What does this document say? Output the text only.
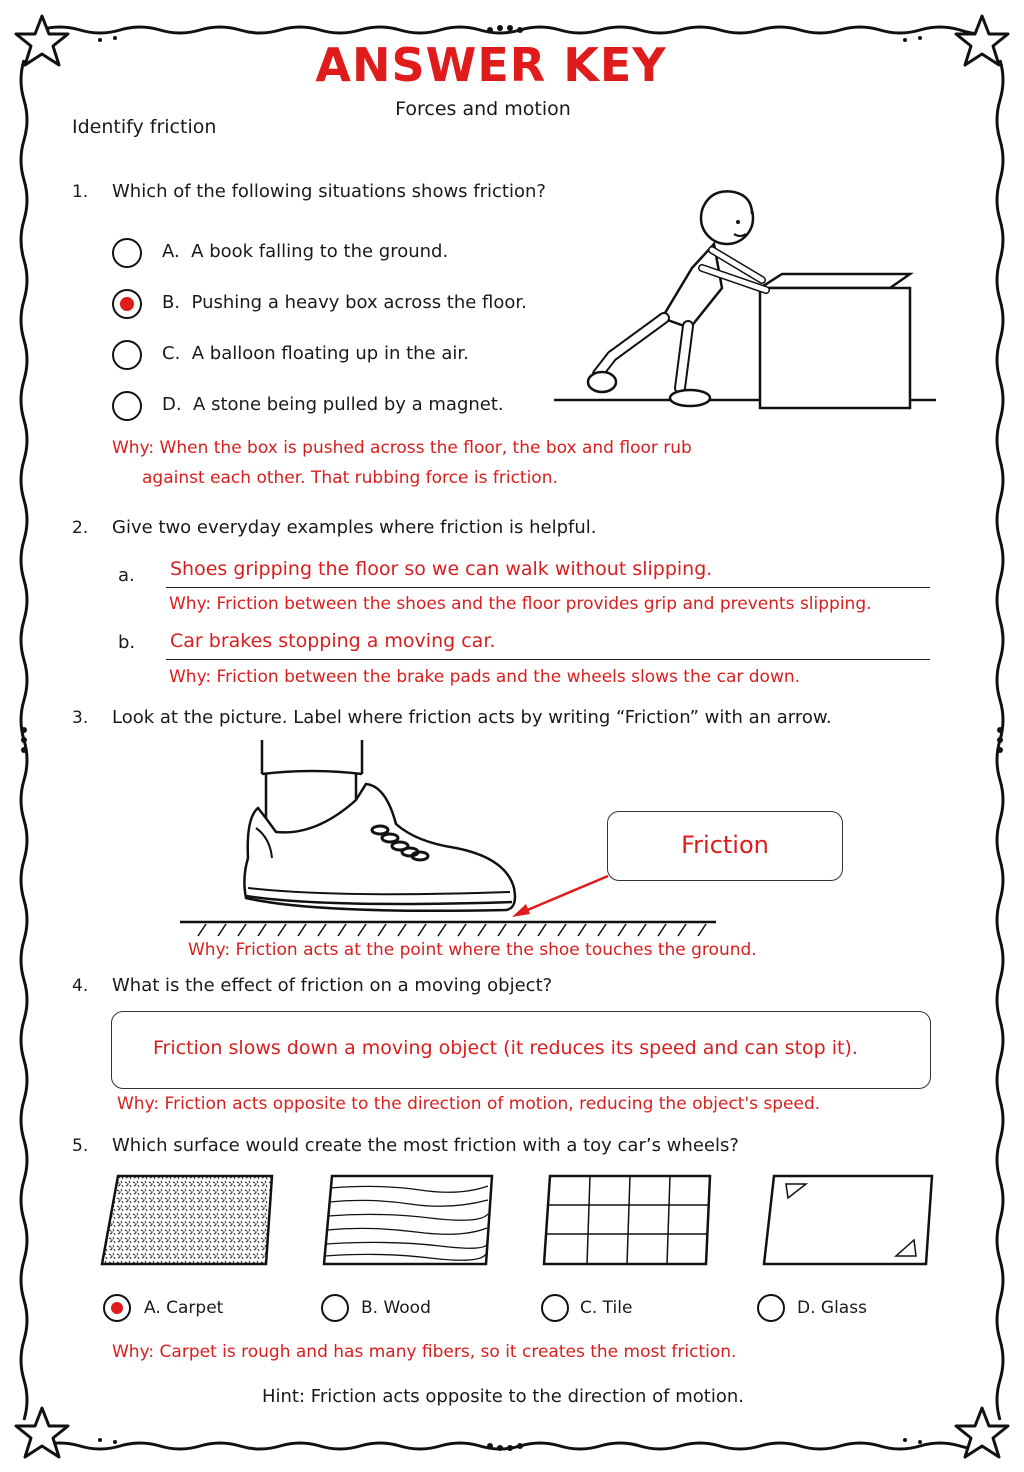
ANSWER KEY
Forces and motion
Identify friction
1. Which of the following situations shows friction?
A. A book falling to the ground.
B. Pushing a heavy box across the floor.
C. A balloon floating up in the air.
D. A stone being pulled by a magnet.
Why: When the box is pushed across the floor, the box and floor rub
against each other. That rubbing force is friction.
2. Give two everyday examples where friction is helpful.
a. Shoes gripping the floor so we can walk without slipping.
Why: Friction between the shoes and the floor provides grip and prevents slipping.
b. Car brakes stopping a moving car.
Why: Friction between the brake pads and the wheels slows the car down.
3. Look at the picture. Label where friction acts by writing “Friction” with an arrow.
Friction
Why: Friction acts at the point where the shoe touches the ground.
4. What is the effect of friction on a moving object?
Friction slows down a moving object (it reduces its speed and can stop it).
Why: Friction acts opposite to the direction of motion, reducing the object's speed.
5. Which surface would create the most friction with a toy car’s wheels?
A. Carpet	B. Wood	C. Tile	D. Glass
Why: Carpet is rough and has many fibers, so it creates the most friction.
Hint: Friction acts opposite to the direction of motion.
